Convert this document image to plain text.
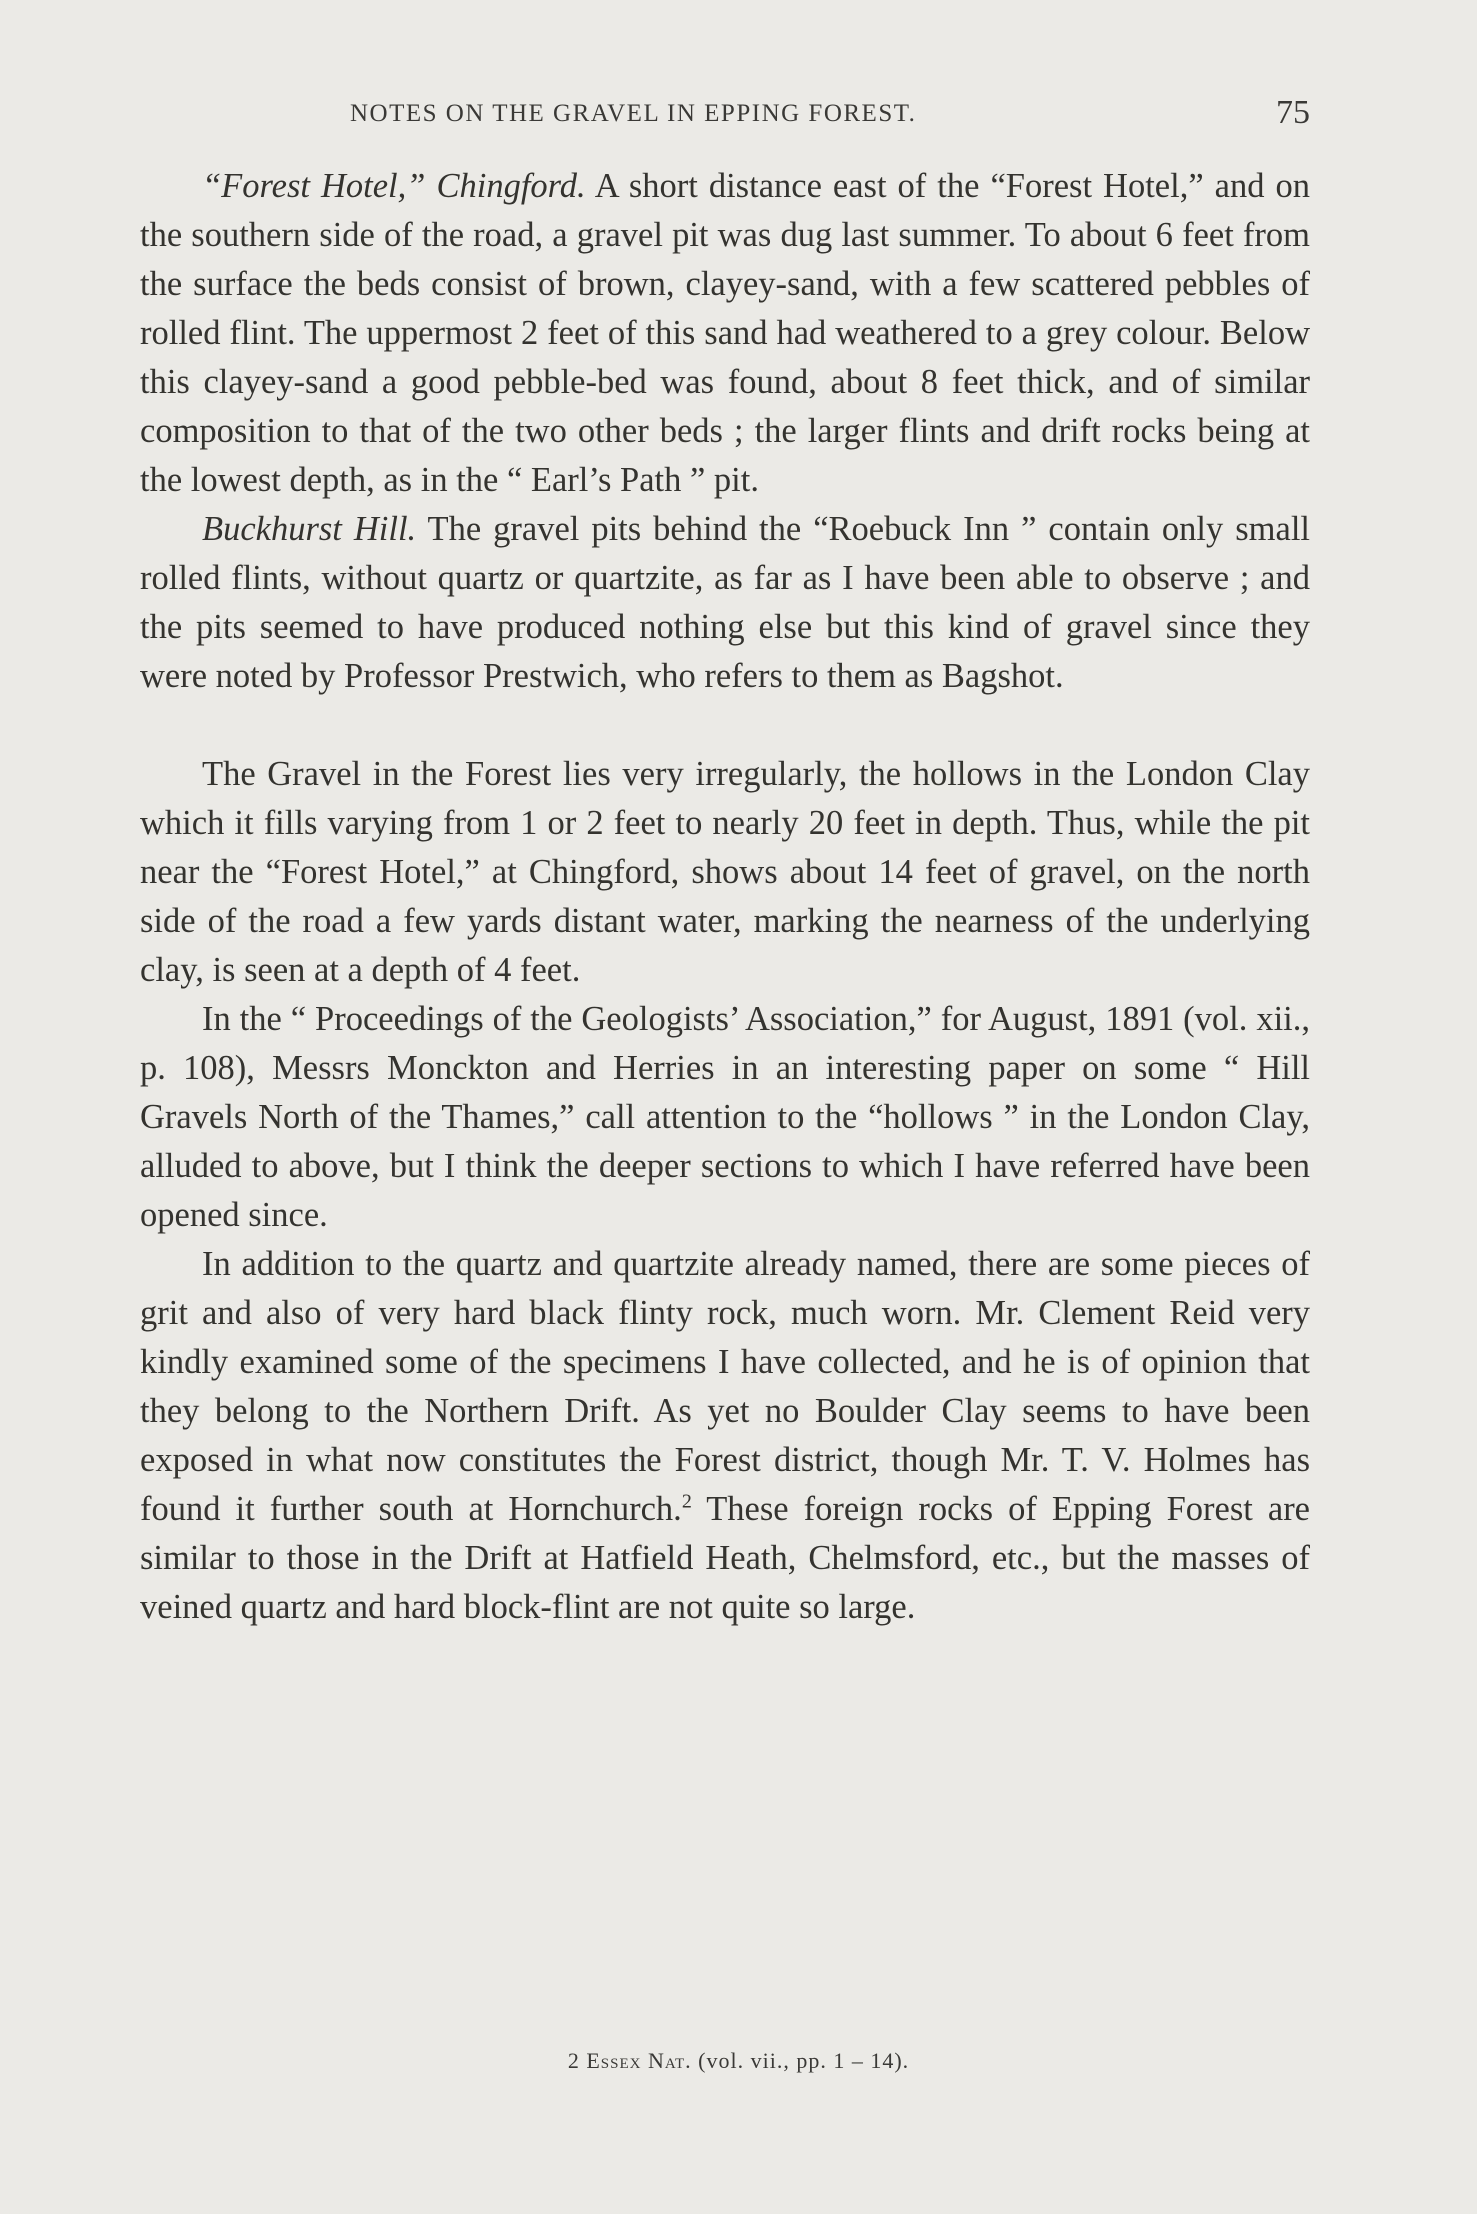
NOTES ON THE GRAVEL IN EPPING FOREST.	75

“Forest Hotel,” Chingford. A short distance east of the “Forest Hotel,” and on the southern side of the road, a gravel pit was dug last summer. To about 6 feet from the surface the beds consist of brown, clayey-sand, with a few scattered pebbles of rolled flint. The uppermost 2 feet of this sand had weathered to a grey colour. Below this clayey-sand a good pebble-bed was found, about 8 feet thick, and of similar composition to that of the two other beds ; the larger flints and drift rocks being at the lowest depth, as in the “ Earl’s Path ” pit.

Buckhurst Hill. The gravel pits behind the “Roebuck Inn ” contain only small rolled flints, without quartz or quartzite, as far as I have been able to observe ; and the pits seemed to have produced nothing else but this kind of gravel since they were noted by Professor Prestwich, who refers to them as Bagshot.

The Gravel in the Forest lies very irregularly, the hollows in the London Clay which it fills varying from 1 or 2 feet to nearly 20 feet in depth. Thus, while the pit near the “Forest Hotel,” at Chingford, shows about 14 feet of gravel, on the north side of the road a few yards distant water, marking the nearness of the underlying clay, is seen at a depth of 4 feet.

In the “ Proceedings of the Geologists’ Association,” for August, 1891 (vol. xii., p. 108), Messrs Monckton and Herries in an interesting paper on some “ Hill Gravels North of the Thames,” call attention to the “hollows ” in the London Clay, alluded to above, but I think the deeper sections to which I have referred have been opened since.

In addition to the quartz and quartzite already named, there are some pieces of grit and also of very hard black flinty rock, much worn. Mr. Clement Reid very kindly examined some of the specimens I have collected, and he is of opinion that they belong to the Northern Drift. As yet no Boulder Clay seems to have been exposed in what now constitutes the Forest district, though Mr. T. V. Holmes has found it further south at Hornchurch.$^2$ These foreign rocks of Epping Forest are similar to those in the Drift at Hatfield Heath, Chelmsford, etc., but the masses of veined quartz and hard block-flint are not quite so large.

2 Essex Nat. (vol. vii., pp. 1 – 14).
